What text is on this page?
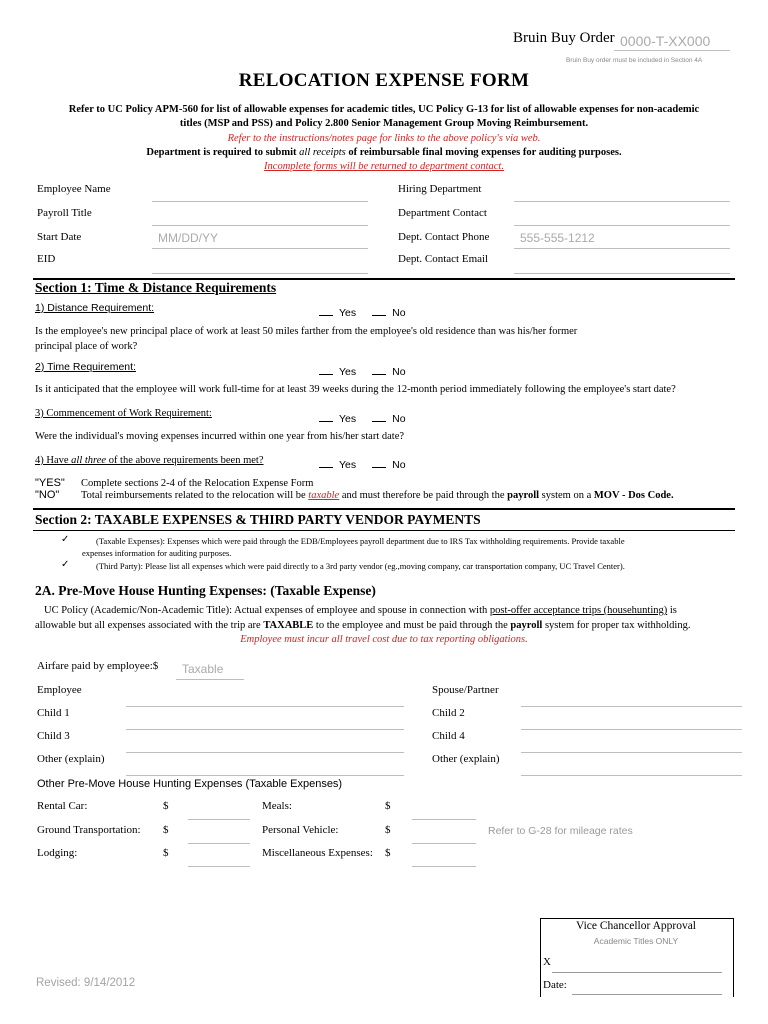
Bruin Buy Order 0000-T-XX000
Bruin Buy order must be included in Section 4A
RELOCATION EXPENSE FORM
Refer to UC Policy APM-560 for list of allowable expenses for academic titles, UC Policy G-13 for list of allowable expenses for non-academic
titles (MSP and PSS) and Policy 2.800 Senior Management Group Moving Reimbursement.
Refer to the instructions/notes page for links to the above policy's via web.
Department is required to submit all receipts of reimbursable final moving expenses for auditing purposes.
Incomplete forms will be returned to department contact.
Employee Name
Payroll Title
Start Date	MM/DD/YY
EID
Hiring Department
Department Contact
Dept. Contact Phone	555-555-1212
Dept. Contact Email
Section 1: Time & Distance Requirements
1) Distance Requirement:	Yes	No
Is the employee's new principal place of work at least 50 miles farther from the employee's old residence than was his/her former
principal place of work?
2) Time Requirement:	Yes	No
Is it anticipated that the employee will work full-time for at least 39 weeks during the 12-month period immediately following the employee's start date?
3) Commencement of Work Requirement:	Yes	No
Were the individual's moving expenses incurred within one year from his/her start date?
4) Have all three of the above requirements been met?	Yes	No
"YES" Complete sections 2-4 of the Relocation Expense Form
"NO" Total reimbursements related to the relocation will be taxable and must therefore be paid through the payroll system on a MOV - Dos Code.
Section 2: TAXABLE EXPENSES & THIRD PARTY VENDOR PAYMENTS
✓	(Taxable Expenses): Expenses which were paid through the EDB/Employees payroll department due to IRS Tax withholding requirements. Provide taxable
expenses information for auditing purposes.
✓	(Third Party): Please list all expenses which were paid directly to a 3rd party vendor (eg.,moving company, car transportation company, UC Travel Center).
2A. Pre-Move House Hunting Expenses: (Taxable Expense)
UC Policy (Academic/Non-Academic Title): Actual expenses of employee and spouse in connection with post-offer acceptance trips (househunting) is
allowable but all expenses associated with the trip are TAXABLE to the employee and must be paid through the payroll system for proper tax withholding.
Employee must incur all travel cost due to tax reporting obligations.
Airfare paid by employee:$	Taxable
Employee	Spouse/Partner
Child 1	Child 2
Child 3	Child 4
Other (explain)	Other (explain)
Other Pre-Move House Hunting Expenses (Taxable Expenses)
Rental Car:	$	Meals:	$
Ground Transportation: $	Personal Vehicle:	$	Refer to G-28 for mileage rates
Lodging:	$	Miscellaneous Expenses: $
Vice Chancellor Approval
Academic Titles ONLY
X
Date:
Revised: 9/14/2012
